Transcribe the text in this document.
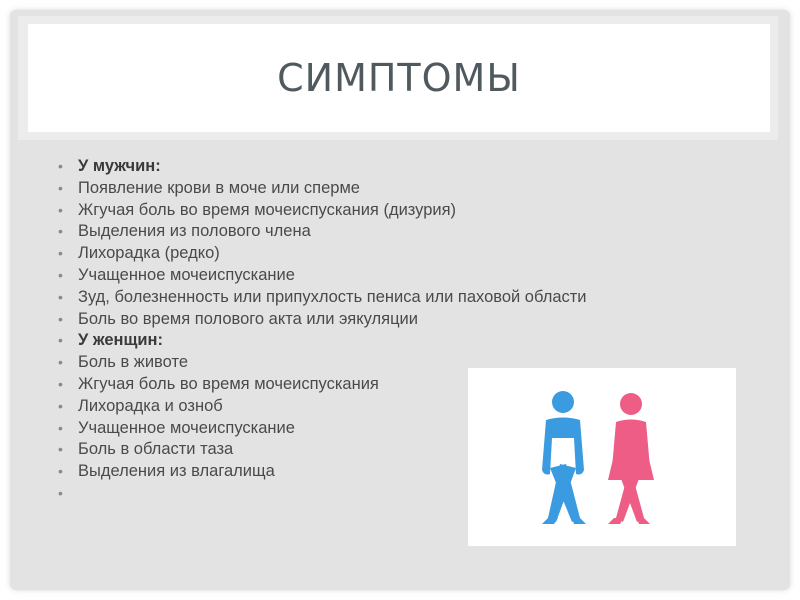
СИМПТОМЫ
• У мужчин:
• Появление крови в моче или сперме
• Жгучая боль во время мочеиспускания (дизурия)
• Выделения из полового члена
• Лихорадка (редко)
• Учащенное мочеиспускание
• Зуд, болезненность или припухлость пениса или паховой области
• Боль во время полового акта или эякуляции
• У женщин:
• Боль в животе
• Жгучая боль во время мочеиспускания
• Лихорадка и озноб
• Учащенное мочеиспускание
• Боль в области таза
• Выделения из влагалища
•
